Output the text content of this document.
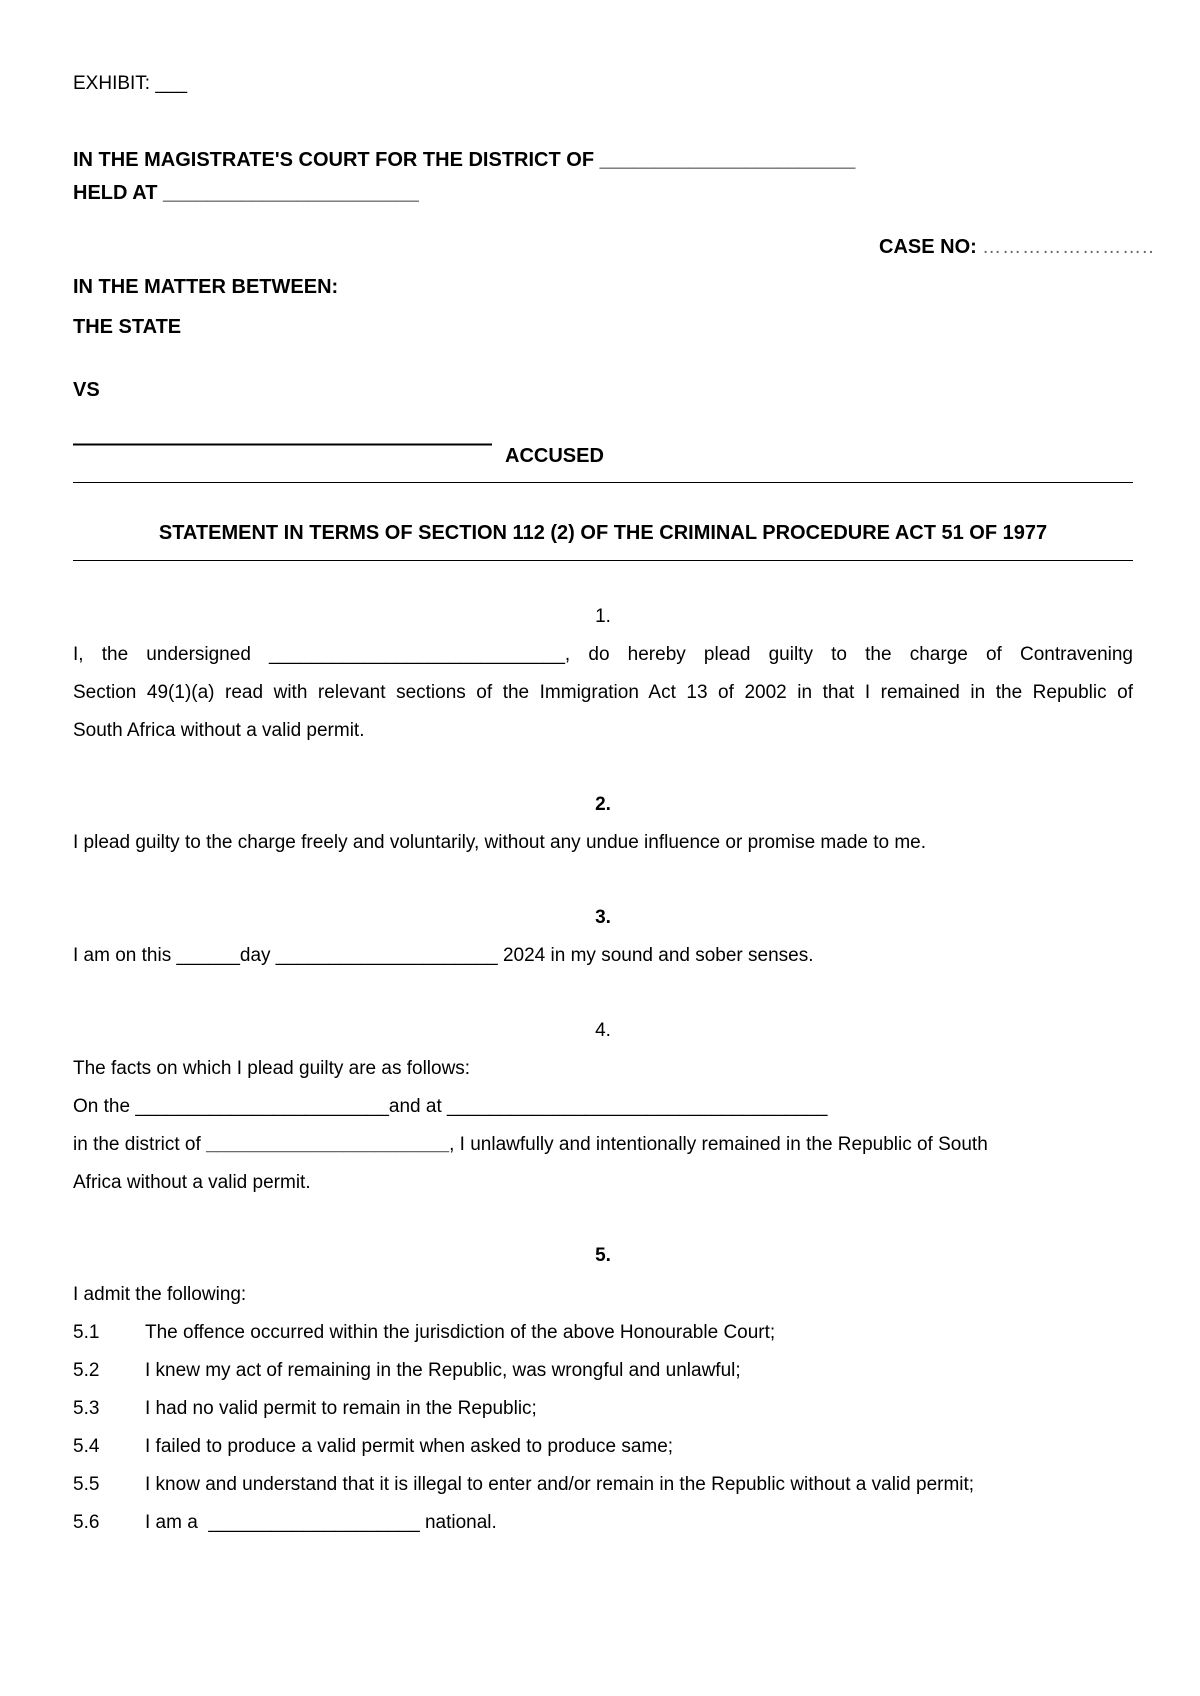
EXHIBIT: ___
IN THE MAGISTRATE'S COURT FOR THE DISTRICT OF _______________________
HELD AT _______________________
CASE NO: ……………………..
IN THE MATTER BETWEEN:
THE STATE
VS
——————————————————————
ACCUSED
STATEMENT IN TERMS OF SECTION 112 (2) OF THE CRIMINAL PROCEDURE ACT 51 OF 1977
1.
I, the undersigned ____________________________, do hereby plead guilty to the charge of Contravening
Section 49(1)(a) read with relevant sections of the Immigration Act 13 of 2002 in that I remained in the Republic of
South Africa without a valid permit.
2.
I plead guilty to the charge freely and voluntarily, without any undue influence or promise made to me.
3.
I am on this ______day _____________________ 2024 in my sound and sober senses.
4.
The facts on which I plead guilty are as follows:
On the ________________________and at ____________________________________
in the district of _______________________, I unlawfully and intentionally remained in the Republic of South
Africa without a valid permit.
5.
I admit the following:
5.1 The offence occurred within the jurisdiction of the above Honourable Court;
5.2 I knew my act of remaining in the Republic, was wrongful and unlawful;
5.3 I had no valid permit to remain in the Republic;
5.4 I failed to produce a valid permit when asked to produce same;
5.5 I know and understand that it is illegal to enter and/or remain in the Republic without a valid permit;
5.6 I am a  ____________________ national.
